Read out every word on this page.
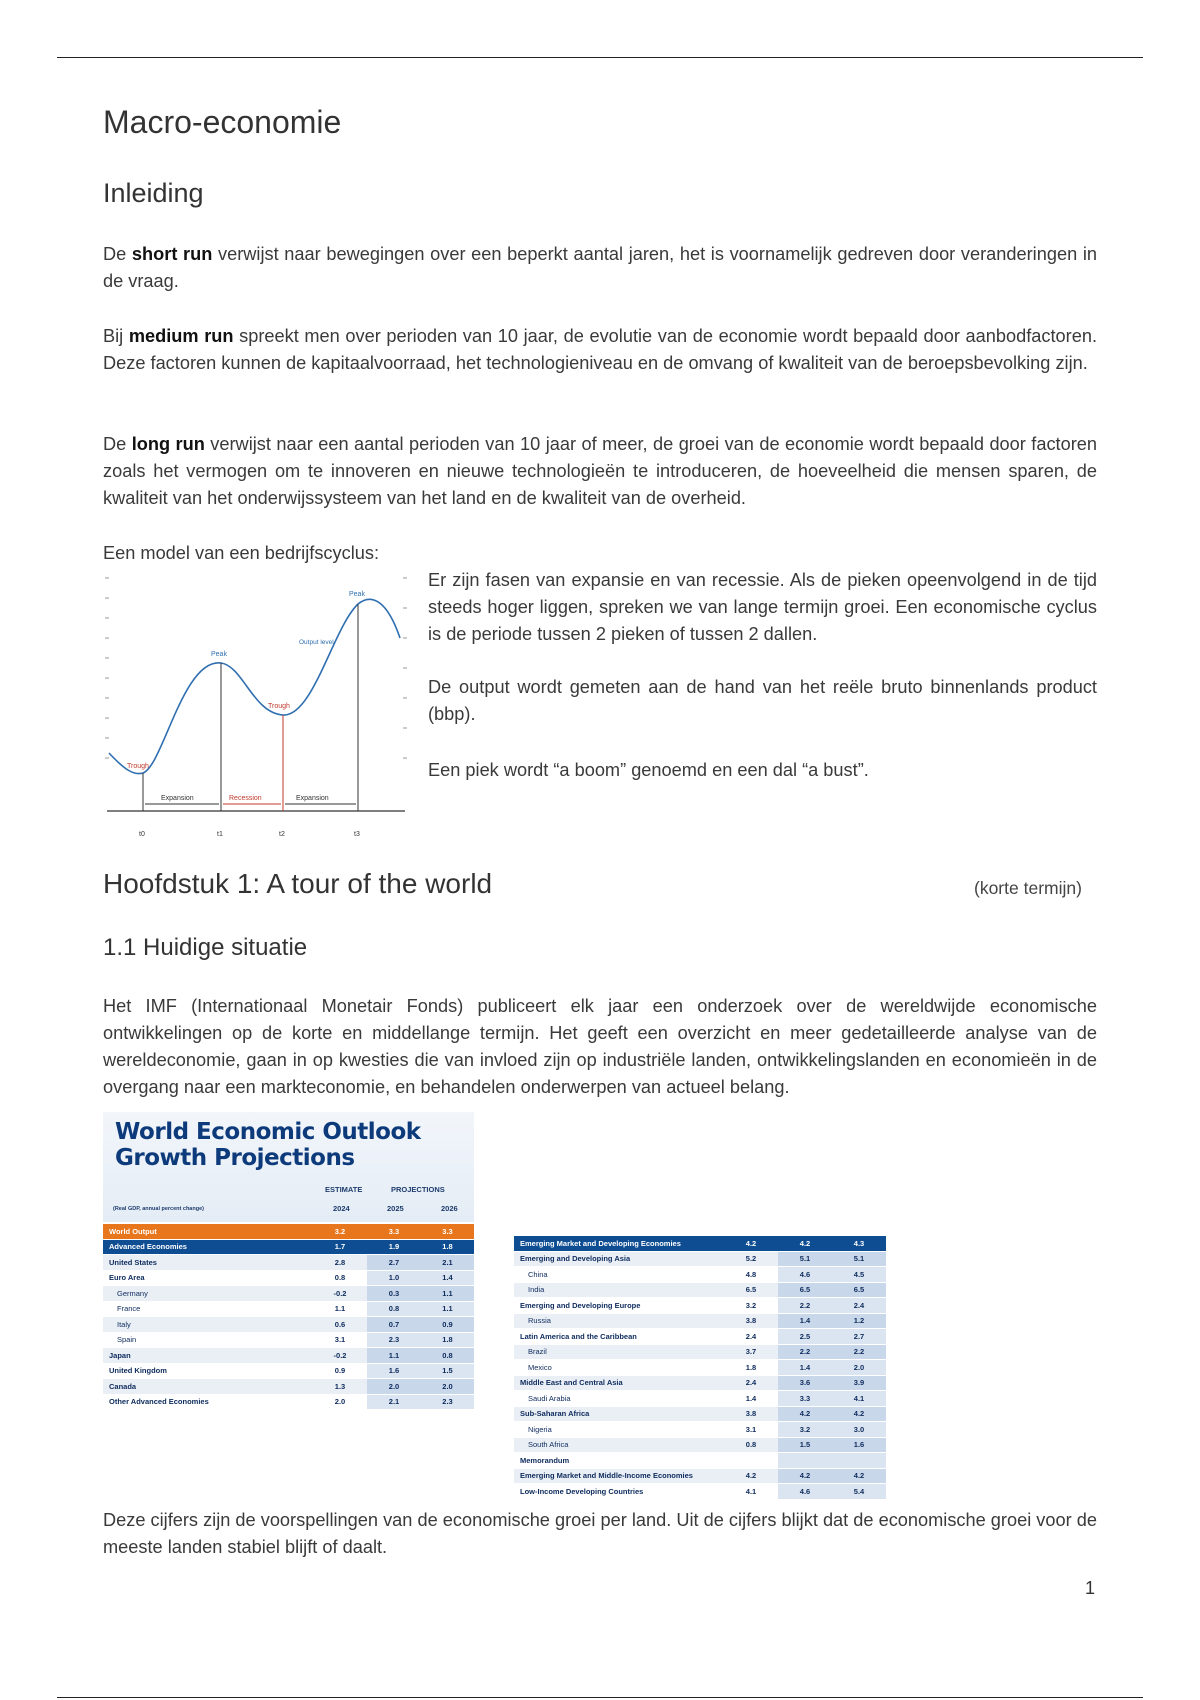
Macro-economie
Inleiding

De short run verwijst naar bewegingen over een beperkt aantal jaren, het is voornamelijk gedreven door veranderingen in de vraag.

Bij medium run spreekt men over perioden van 10 jaar, de evolutie van de economie wordt bepaald door aanbodfactoren. Deze factoren kunnen de kapitaalvoorraad, het technologieniveau en de omvang of kwaliteit van de beroepsbevolking zijn.

De long run verwijst naar een aantal perioden van 10 jaar of meer, de groei van de economie wordt bepaald door factoren zoals het vermogen om te innoveren en nieuwe technologieën te introduceren, de hoeveelheid die mensen sparen, de kwaliteit van het onderwijssysteem van het land en de kwaliteit van de overheid.

Een model van een bedrijfscyclus:

Trough
Peak
Trough
Peak
Output level
Expansion	Recession	Expansion
t0	t1	t2	t3

Er zijn fasen van expansie en van recessie. Als de pieken opeenvolgend in de tijd steeds hoger liggen, spreken we van lange termijn groei. Een economische cyclus is de periode tussen 2 pieken of tussen 2 dallen.

De output wordt gemeten aan de hand van het reële bruto binnenlands product (bbp).

Een piek wordt “a boom” genoemd en een dal “a bust”.

Hoofdstuk 1: A tour of the world	(korte termijn)
1.1 Huidige situatie

Het IMF (Internationaal Monetair Fonds) publiceert elk jaar een onderzoek over de wereldwijde economische ontwikkelingen op de korte en middellange termijn. Het geeft een overzicht en meer gedetailleerde analyse van de wereldeconomie, gaan in op kwesties die van invloed zijn op industriële landen, ontwikkelingslanden en economieën in de overgang naar een markteconomie, en behandelen onderwerpen van actueel belang.

World Economic Outlook
Growth Projections
ESTIMATE	PROJECTIONS
(Real GDP, annual percent change)	2024	2025	2026
World Output	3.2	3.3	3.3
Advanced Economies	1.7	1.9	1.8
United States	2.8	2.7	2.1
Euro Area	0.8	1.0	1.4
Germany	-0.2	0.3	1.1
France	1.1	0.8	1.1
Italy	0.6	0.7	0.9
Spain	3.1	2.3	1.8
Japan	-0.2	1.1	0.8
United Kingdom	0.9	1.6	1.5
Canada	1.3	2.0	2.0
Other Advanced Economies	2.0	2.1	2.3
Emerging Market and Developing Economies	4.2	4.2	4.3
Emerging and Developing Asia	5.2	5.1	5.1
China	4.8	4.6	4.5
India	6.5	6.5	6.5
Emerging and Developing Europe	3.2	2.2	2.4
Russia	3.8	1.4	1.2
Latin America and the Caribbean	2.4	2.5	2.7
Brazil	3.7	2.2	2.2
Mexico	1.8	1.4	2.0
Middle East and Central Asia	2.4	3.6	3.9
Saudi Arabia	1.4	3.3	4.1
Sub-Saharan Africa	3.8	4.2	4.2
Nigeria	3.1	3.2	3.0
South Africa	0.8	1.5	1.6
Memorandum			
Emerging Market and Middle-Income Economies	4.2	4.2	4.2
Low-Income Developing Countries	4.1	4.6	5.4

Deze cijfers zijn de voorspellingen van de economische groei per land. Uit de cijfers blijkt dat de economische groei voor de meeste landen stabiel blijft of daalt.

1
